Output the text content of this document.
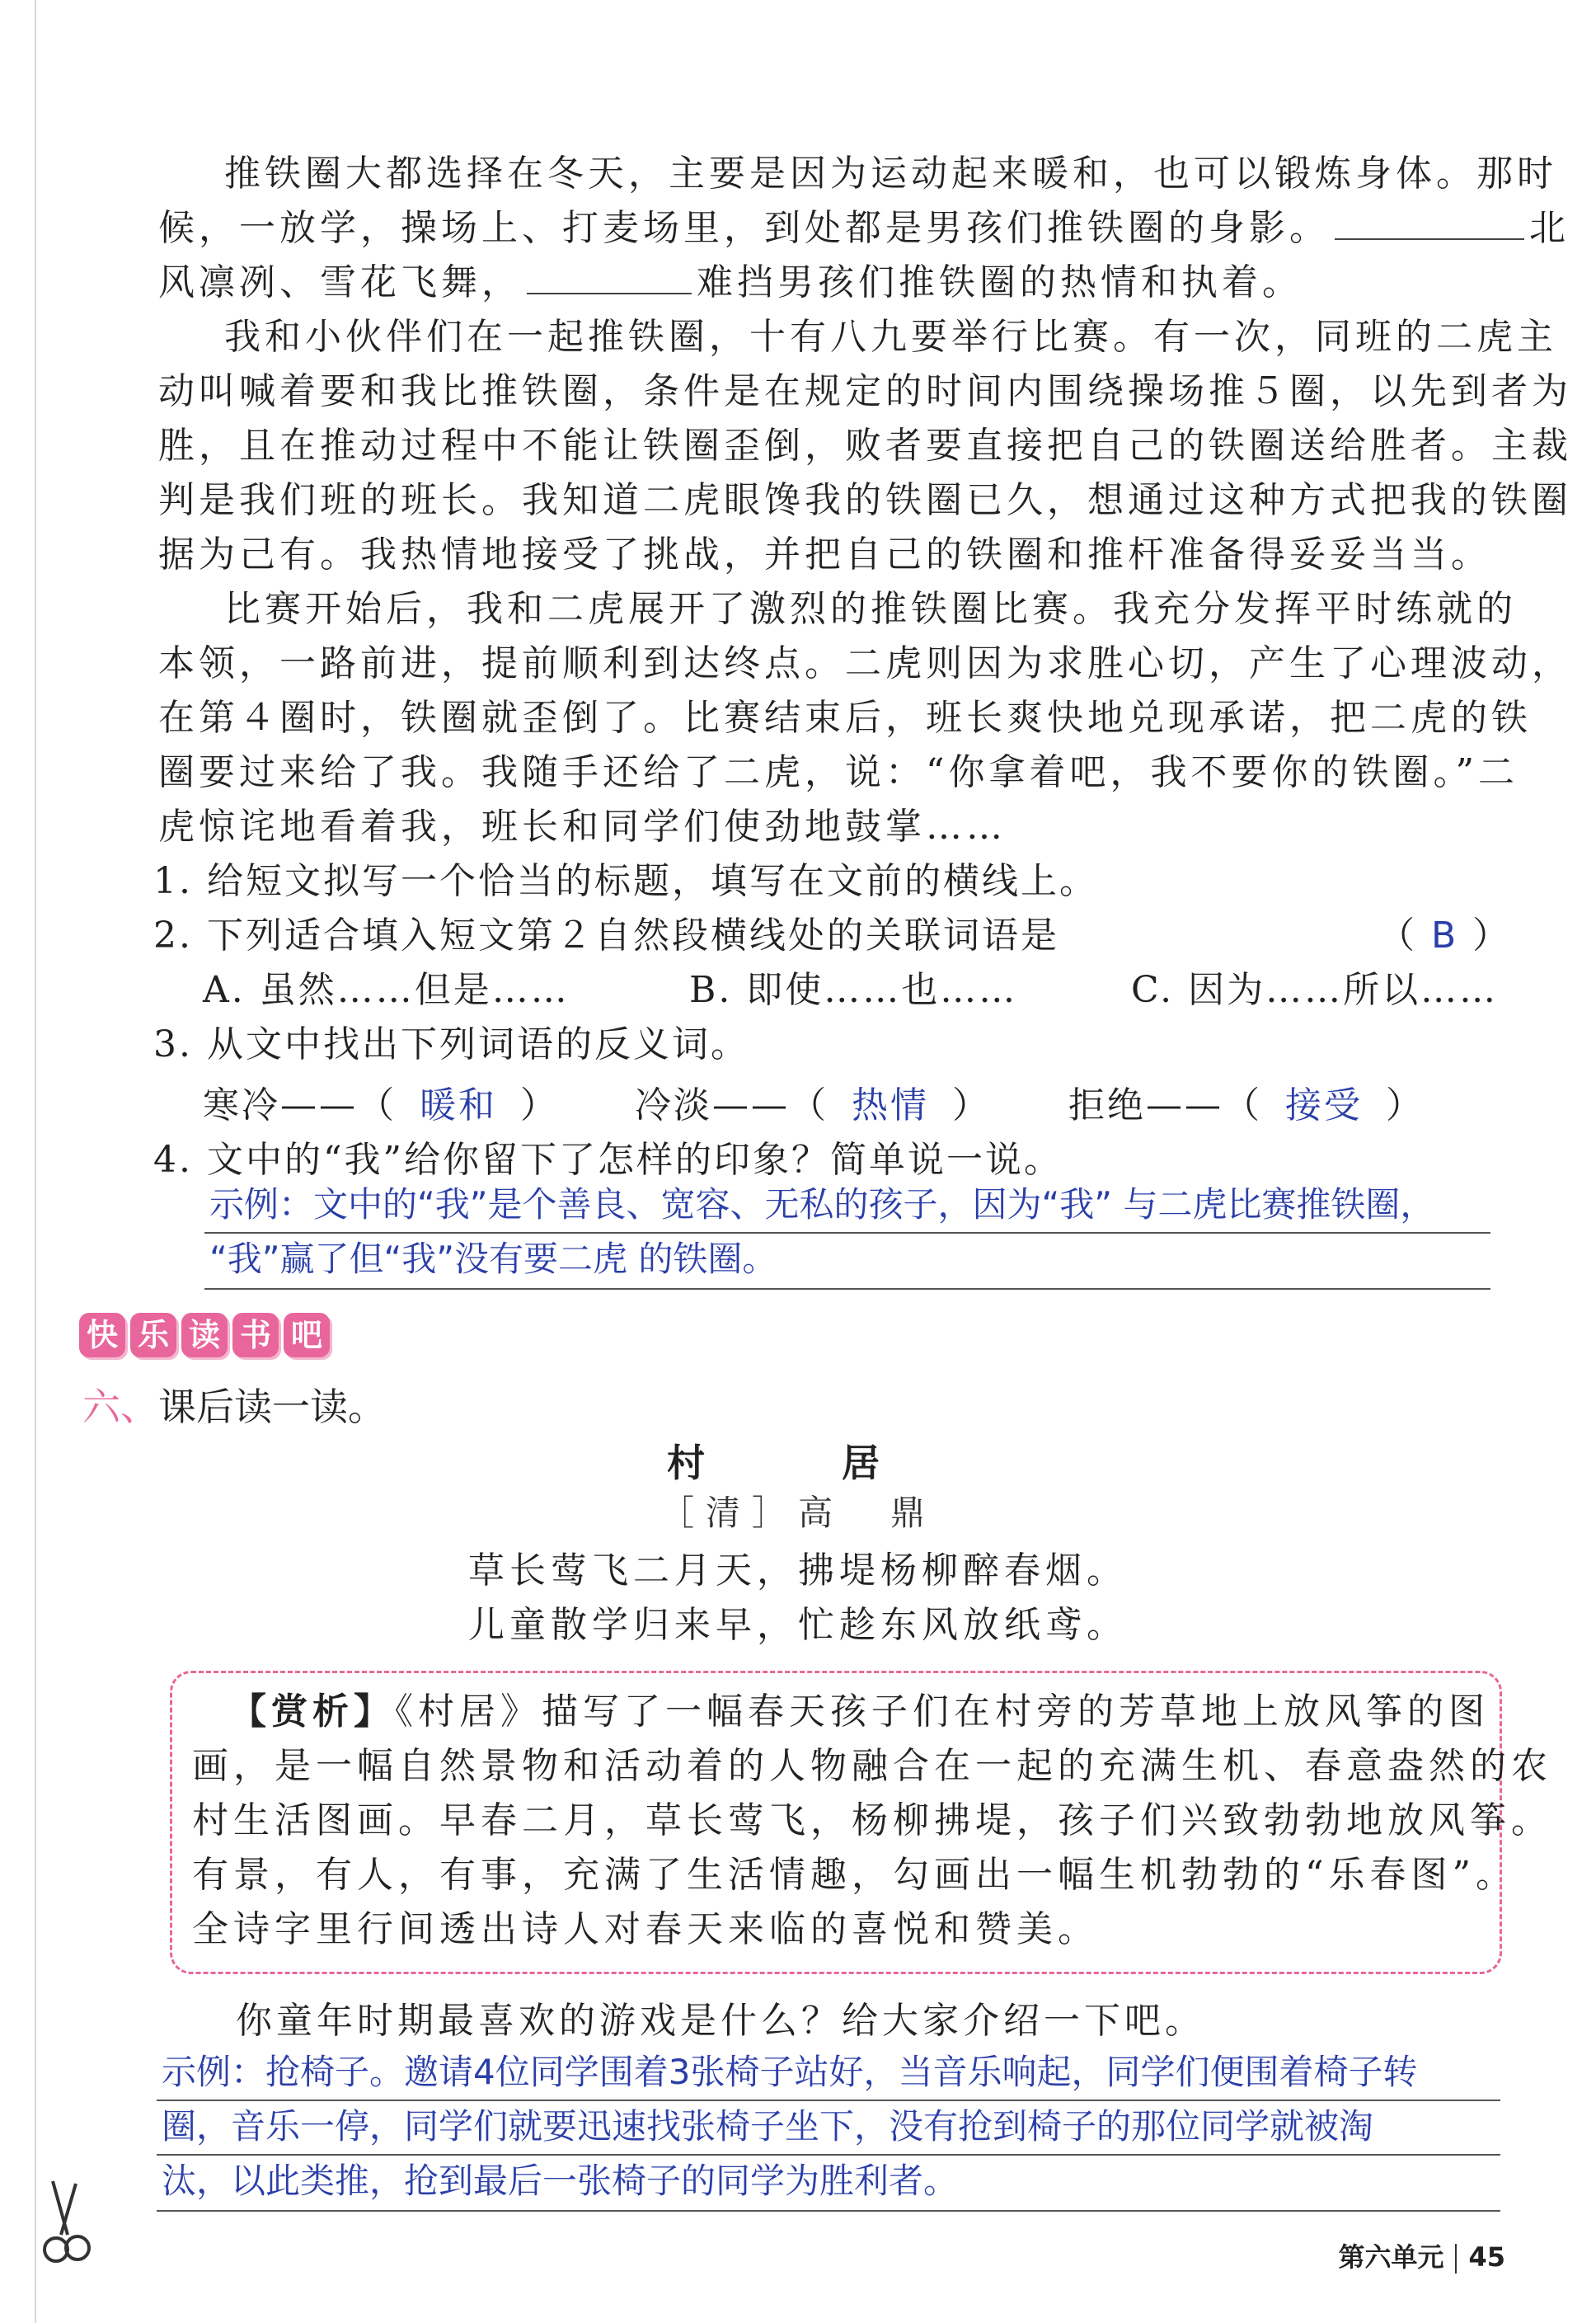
推铁圈大都选择在冬天，主要是因为运动起来暖和，也可以锻炼身体。那时
候，一放学，操场上、打麦场里，到处都是男孩们推铁圈的身影。	北
风凛冽、雪花飞舞，	难挡男孩们推铁圈的热情和执着。
我和小伙伴们在一起推铁圈，十有八九要举行比赛。有一次，同班的二虎主
动叫喊着要和我比推铁圈，条件是在规定的时间内围绕操场推５圈，以先到者为
胜，且在推动过程中不能让铁圈歪倒，败者要直接把自己的铁圈送给胜者。主裁
判是我们班的班长。我知道二虎眼馋我的铁圈已久，想通过这种方式把我的铁圈
据为己有。我热情地接受了挑战，并把自己的铁圈和推杆准备得妥妥当当。
比赛开始后，我和二虎展开了激烈的推铁圈比赛。我充分发挥平时练就的
本领，一路前进，提前顺利到达终点。二虎则因为求胜心切，产生了心理波动，
在第４圈时，铁圈就歪倒了。比赛结束后，班长爽快地兑现承诺，把二虎的铁
圈要过来给了我。我随手还给了二虎，说：“你拿着吧，我不要你的铁圈。”二
虎惊诧地看着我，班长和同学们使劲地鼓掌……
1. 给短文拟写一个恰当的标题，填写在文前的横线上。
2. 下列适合填入短文第２自然段横线处的关联词语是	（ B ）
A. 虽然……但是……	B. 即使……也……	C. 因为……所以……
3. 从文中找出下列词语的反义词。
寒冷——（ 暖和 ） 冷淡——（ 热情 ） 拒绝——（ 接受 ）
4. 文中的“我”给你留下了怎样的印象？简单说一说。
示例：文中的“我”是个善良、宽容、无私的孩子，因为“我” 与二虎比赛推铁圈，
“我”赢了但“我”没有要二虎 的铁圈。
快 乐 读 书 吧
六、课后读一读。
村　居
［清］高　鼎
草长莺飞二月天，拂堤杨柳醉春烟。
儿童散学归来早，忙趁东风放纸鸢。
【赏析】《村居》描写了一幅春天孩子们在村旁的芳草地上放风筝的图
画，是一幅自然景物和活动着的人物融合在一起的充满生机、春意盎然的农
村生活图画。早春二月，草长莺飞，杨柳拂堤，孩子们兴致勃勃地放风筝。
有景，有人，有事，充满了生活情趣，勾画出一幅生机勃勃的“乐春图”。
全诗字里行间透出诗人对春天来临的喜悦和赞美。
你童年时期最喜欢的游戏是什么？给大家介绍一下吧。
示例：抢椅子。邀请4位同学围着3张椅子站好，当音乐响起，同学们便围着椅子转
圈，音乐一停，同学们就要迅速找张椅子坐下，没有抢到椅子的那位同学就被淘
汰，以此类推，抢到最后一张椅子的同学为胜利者。
第六单元 45
